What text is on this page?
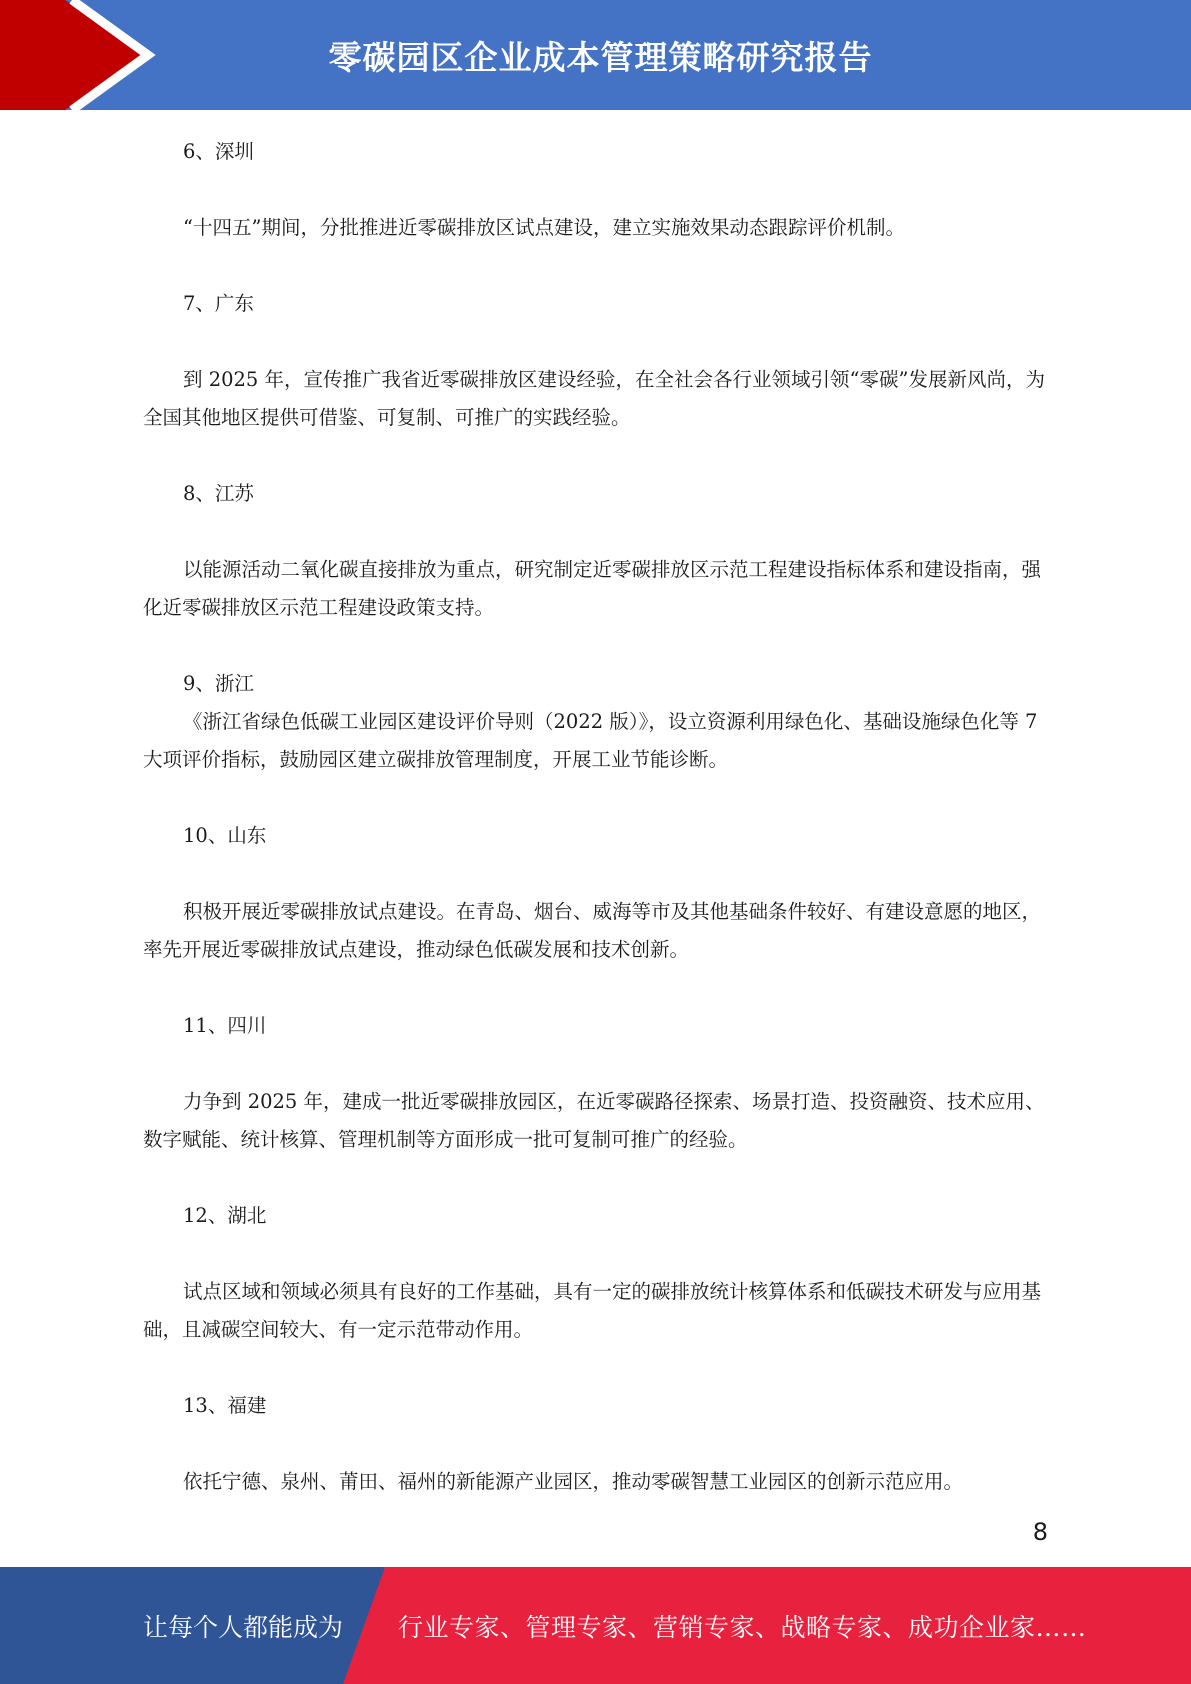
零碳园区企业成本管理策略研究报告

6、深圳

“十四五”期间，分批推进近零碳排放区试点建设，建立实施效果动态跟踪评价机制。

7、广东

到 2025 年，宣传推广我省近零碳排放区建设经验，在全社会各行业领域引领“零碳”发展新风尚，为全国其他地区提供可借鉴、可复制、可推广的实践经验。

8、江苏

以能源活动二氧化碳直接排放为重点，研究制定近零碳排放区示范工程建设指标体系和建设指南，强化近零碳排放区示范工程建设政策支持。

9、浙江

《浙江省绿色低碳工业园区建设评价导则（2022 版）》，设立资源利用绿色化、基础设施绿色化等 7 大项评价指标，鼓励园区建立碳排放管理制度，开展工业节能诊断。

10、山东

积极开展近零碳排放试点建设。在青岛、烟台、威海等市及其他基础条件较好、有建设意愿的地区，率先开展近零碳排放试点建设，推动绿色低碳发展和技术创新。

11、四川

力争到 2025 年，建成一批近零碳排放园区，在近零碳路径探索、场景打造、投资融资、技术应用、数字赋能、统计核算、管理机制等方面形成一批可复制可推广的经验。

12、湖北

试点区域和领域必须具有良好的工作基础，具有一定的碳排放统计核算体系和低碳技术研发与应用基础，且减碳空间较大、有一定示范带动作用。

13、福建

依托宁德、泉州、莆田、福州的新能源产业园区，推动零碳智慧工业园区的创新示范应用。

8
让每个人都能成为 行业专家、管理专家、营销专家、战略专家、成功企业家……
